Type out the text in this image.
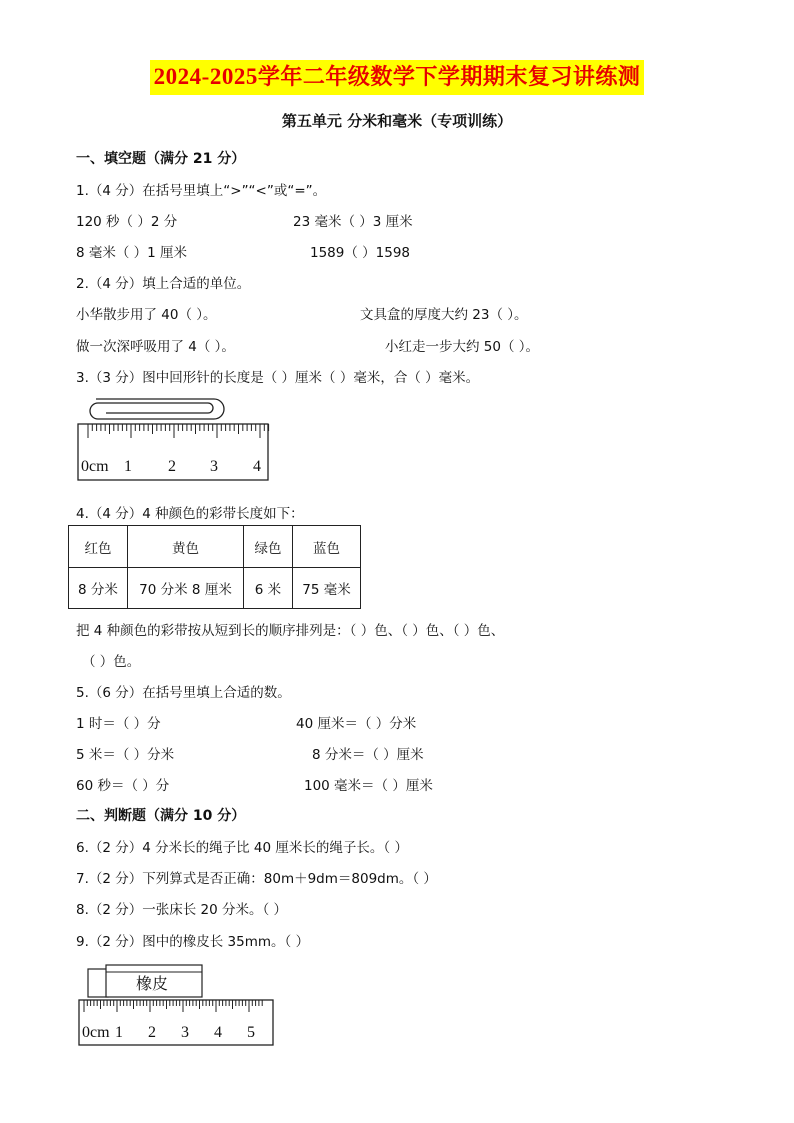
2024-2025学年二年级数学下学期期末复习讲练测
第五单元 分米和毫米（专项训练）
一、填空题（满分 21 分）
1.（4 分）在括号里填上“>”“<”或“=”。
120 秒（ ）2 分	23 毫米（ ）3 厘米
8 毫米（ ）1 厘米	1589（ ）1598
2.（4 分）填上合适的单位。
小华散步用了 40（ ）。	文具盒的厚度大约 23（ ）。
做一次深呼吸用了 4（ ）。	小红走一步大约 50（ ）。
3.（3 分）图中回形针的长度是（ ）厘米（ ）毫米，合（ ）毫米。
0cm 1 2 3 4
4.（4 分）4 种颜色的彩带长度如下：
红色	黄色	绿色	蓝色
8 分米	70 分米 8 厘米	6 米	75 毫米
把 4 种颜色的彩带按从短到长的顺序排列是：（ ）色、（ ）色、（ ）色、
（ ）色。
5.（6 分）在括号里填上合适的数。
1 时＝（ ）分	40 厘米＝（ ）分米
5 米＝（ ）分米	8 分米＝（ ）厘米
60 秒＝（ ）分	100 毫米＝（ ）厘米
二、判断题（满分 10 分）
6.（2 分）4 分米长的绳子比 40 厘米长的绳子长。（ ）
7.（2 分）下列算式是否正确：80m＋9dm＝809dm。（ ）
8.（2 分）一张床长 20 分米。（ ）
9.（2 分）图中的橡皮长 35mm。（ ）
橡皮
0cm 1 2 3 4 5
